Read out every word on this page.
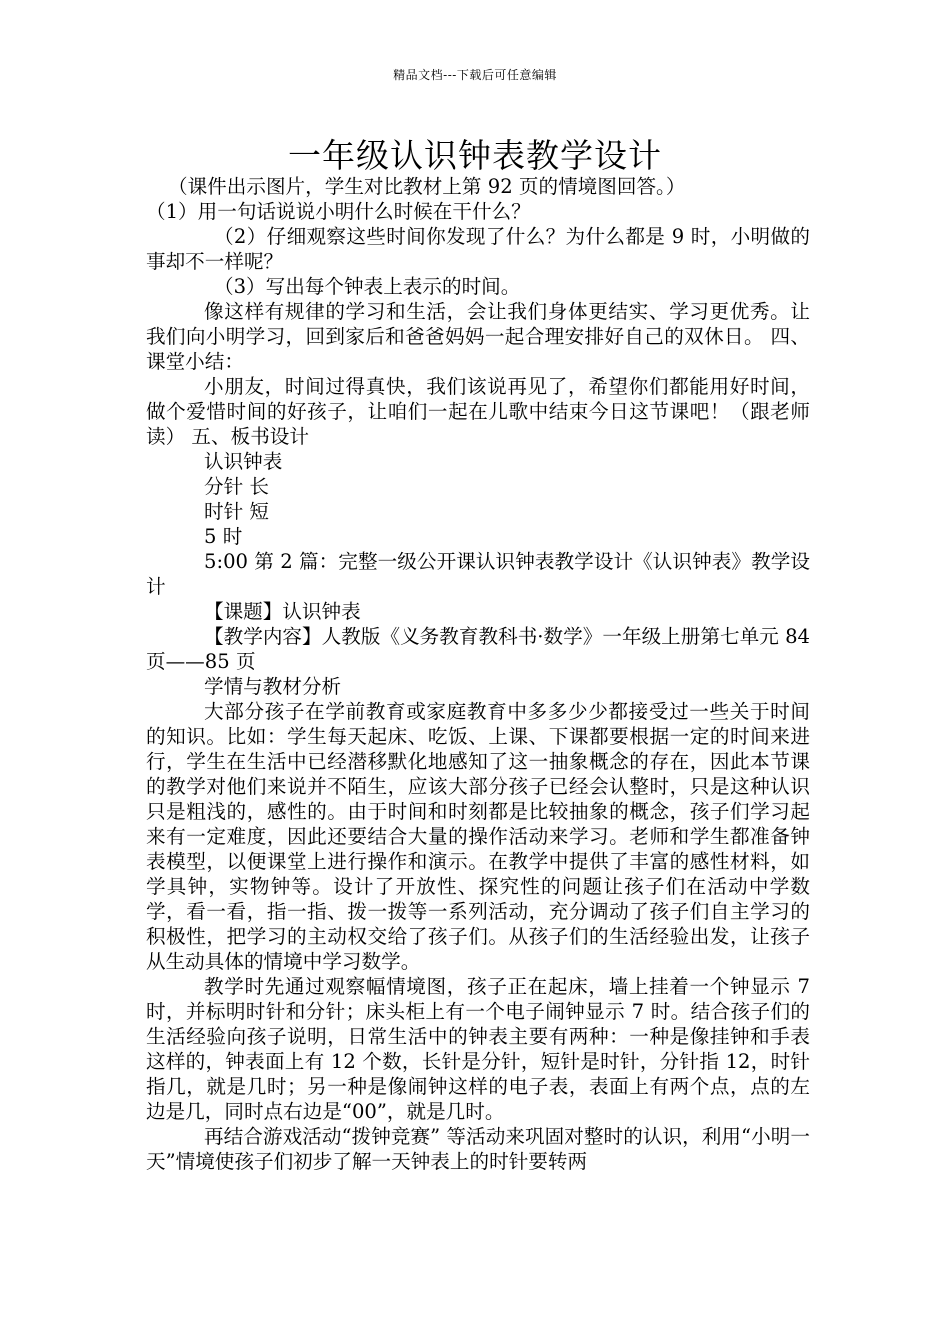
精品文档---下载后可任意编辑
一年级认识钟表教学设计

（课件出示图片，学生对比教材上第 92 页的情境图回答。）

（1）用一句话说说小明什么时候在干什么？

（2）仔细观察这些时间你发现了什么？为什么都是 9 时，小明做的事却不一样呢？

（3）写出每个钟表上表示的时间。

像这样有规律的学习和生活，会让我们身体更结实、学习更优秀。让我们向小明学习，回到家后和爸爸妈妈一起合理安排好自己的双休日。 四、课堂小结：

小朋友，时间过得真快，我们该说再见了，希望你们都能用好时间，做个爱惜时间的好孩子，让咱们一起在儿歌中结束今日这节课吧！（跟老师读） 五、板书设计

认识钟表

分针 长

时针 短

5 时

5:00 第 2 篇：完整一级公开课认识钟表教学设计《认识钟表》教学设计

【课题】认识钟表

【教学内容】人教版《义务教育教科书·数学》一年级上册第七单元 84 页——85 页

学情与教材分析

大部分孩子在学前教育或家庭教育中多多少少都接受过一些关于时间的知识。比如：学生每天起床、吃饭、上课、下课都要根据一定的时间来进行，学生在生活中已经潜移默化地感知了这一抽象概念的存在，因此本节课的教学对他们来说并不陌生，应该大部分孩子已经会认整时，只是这种认识只是粗浅的，感性的。由于时间和时刻都是比较抽象的概念，孩子们学习起来有一定难度，因此还要结合大量的操作活动来学习。老师和学生都准备钟表模型，以便课堂上进行操作和演示。在教学中提供了丰富的感性材料，如学具钟，实物钟等。设计了开放性、探究性的问题让孩子们在活动中学数学，看一看，指一指、拨一拨等一系列活动，充分调动了孩子们自主学习的积极性，把学习的主动权交给了孩子们。从孩子们的生活经验出发，让孩子从生动具体的情境中学习数学。

教学时先通过观察幅情境图，孩子正在起床，墙上挂着一个钟显示 7 时，并标明时针和分针；床头柜上有一个电子闹钟显示 7 时。结合孩子们的生活经验向孩子说明，日常生活中的钟表主要有两种：一种是像挂钟和手表这样的，钟表面上有 12 个数，长针是分针，短针是时针，分针指 12，时针指几，就是几时；另一种是像闹钟这样的电子表，表面上有两个点，点的左边是几，同时点右边是“00”，就是几时。

再结合游戏活动“拨钟竞赛” 等活动来巩固对整时的认识，利用“小明一天”情境使孩子们初步了解一天钟表上的时针要转两
